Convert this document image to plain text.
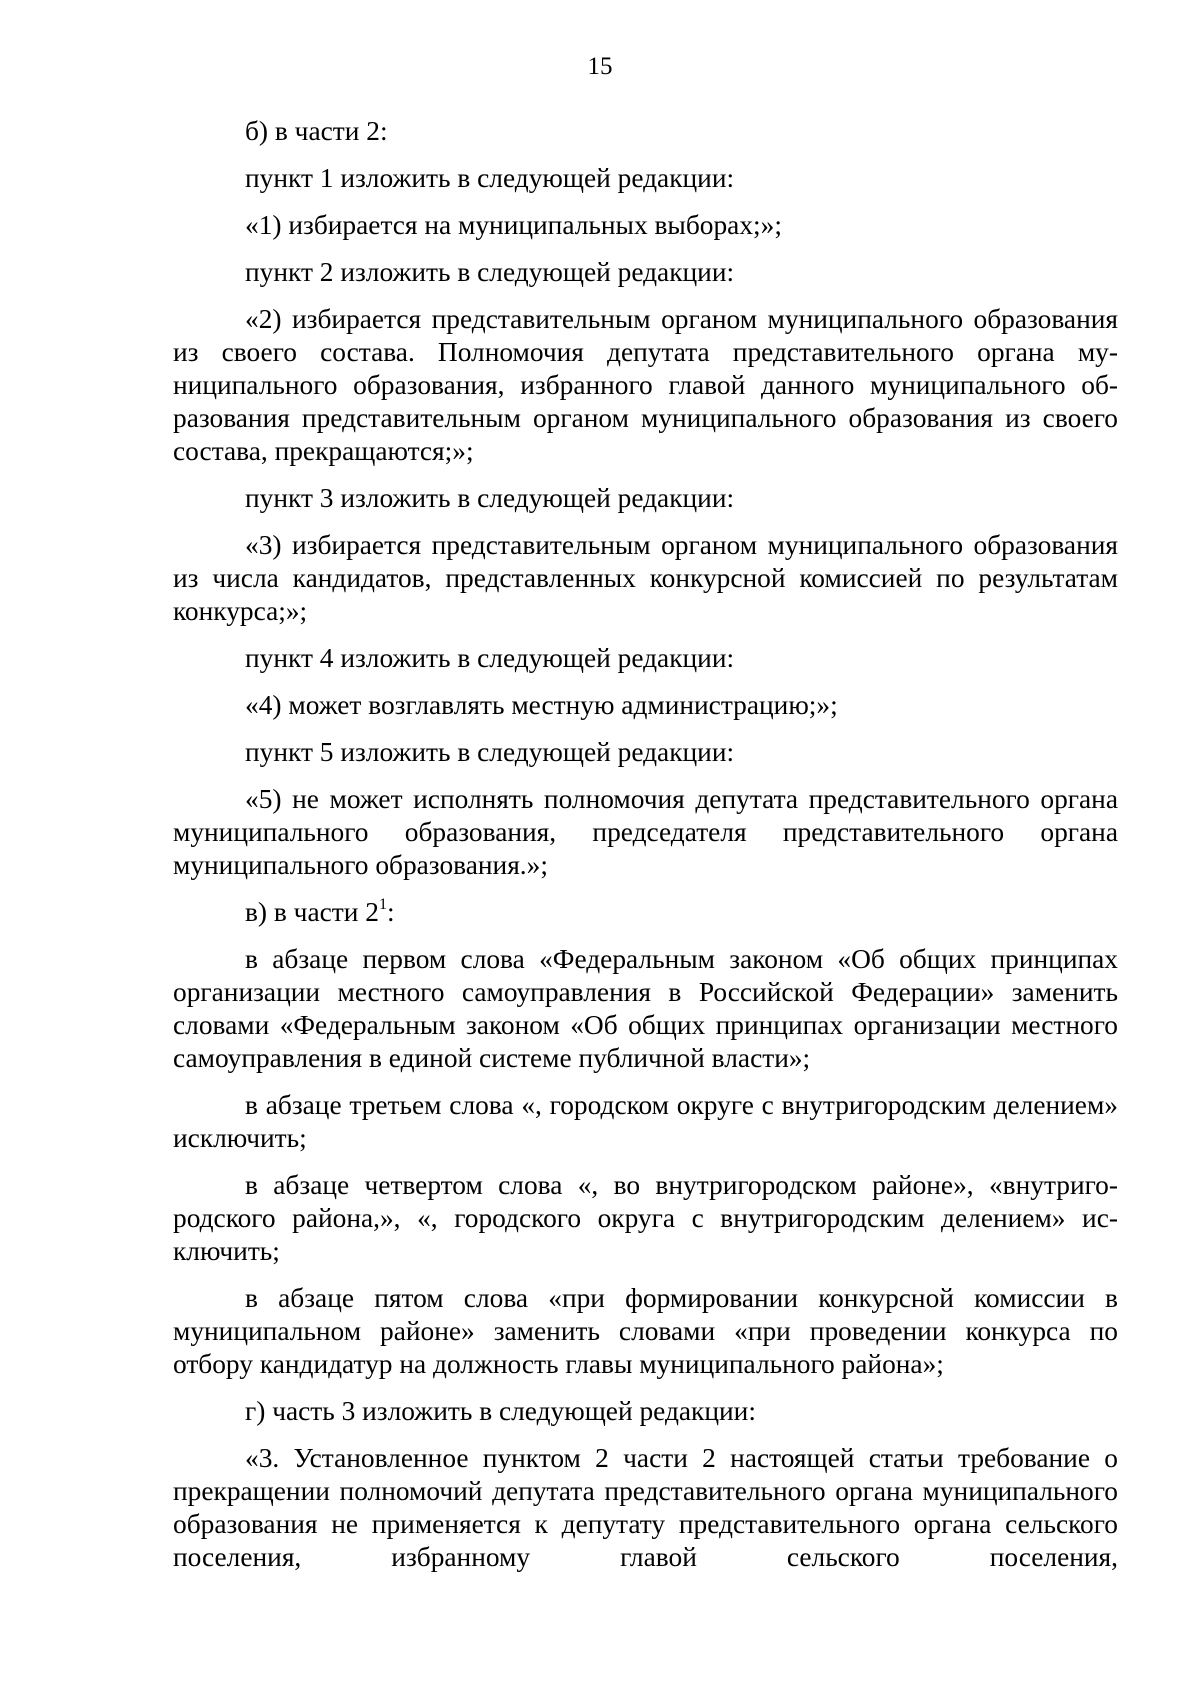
15

б) в части 2:

пункт 1 изложить в следующей редакции:

«1) избирается на муниципальных выборах;»;

пункт 2 изложить в следующей редакции:

«2) избирается представительным органом муниципального образования из своего состава. Полномочия депутата представительного органа муниципального образования, избранного главой данного муниципального образования представительным органом муниципального образования из своего состава, прекращаются;»;

пункт 3 изложить в следующей редакции:

«3) избирается представительным органом муниципального образования из числа кандидатов, представленных конкурсной комиссией по результатам конкурса;»;

пункт 4 изложить в следующей редакции:

«4) может возглавлять местную администрацию;»;

пункт 5 изложить в следующей редакции:

«5) не может исполнять полномочия депутата представительного органа муниципального образования, председателя представительного органа муниципального образования.»;

в) в части $2^1$:

в абзаце первом слова «Федеральным законом «Об общих принципах организации местного самоуправления в Российской Федерации» заменить словами «Федеральным законом «Об общих принципах организации местного самоуправления в единой системе публичной власти»;

в абзаце третьем слова «, городском округе с внутригородским делением» исключить;

в абзаце четвертом слова «, во внутригородском районе», «внутригородского района,», «, городского округа с внутригородским делением» исключить;

в абзаце пятом слова «при формировании конкурсной комиссии в муниципальном районе» заменить словами «при проведении конкурса по отбору кандидатур на должность главы муниципального района»;

г) часть 3 изложить в следующей редакции:

«3. Установленное пунктом 2 части 2 настоящей статьи требование о прекращении полномочий депутата представительного органа муниципального образования не применяется к депутату представительного органа сельского поселения, избранному главой сельского поселения,
